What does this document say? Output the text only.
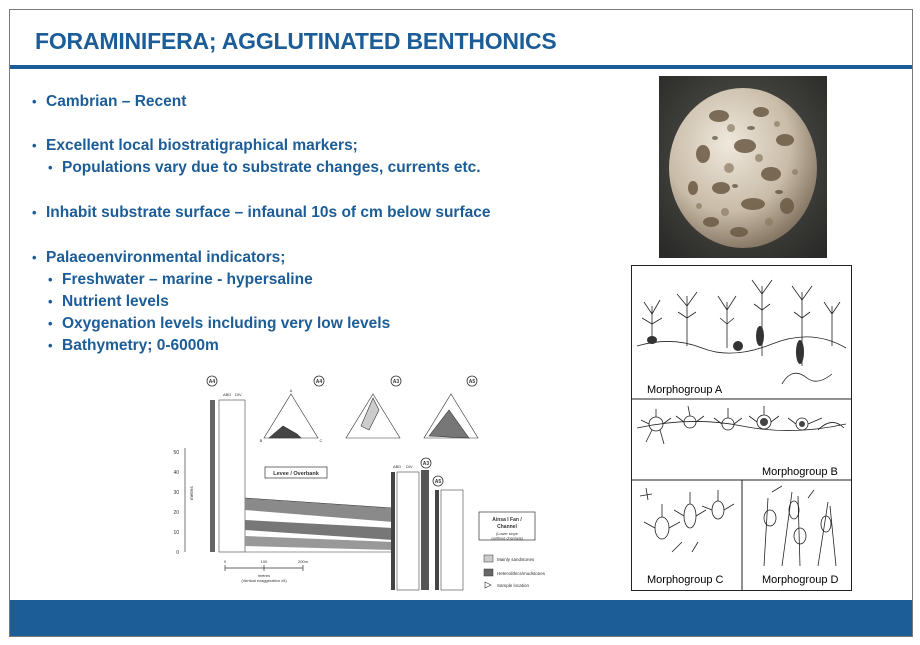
FORAMINIFERA; AGGLUTINATED BENTHONICS
• Cambrian – Recent
• Excellent local biostratigraphical markers;
• Populations vary due to substrate changes, currents etc.
• Inhabit substrate surface – infaunal 10s of cm below surface
• Palaeoenvironmental indicators;
• Freshwater – marine - hypersaline
• Nutrient levels
• Oxygenation levels including very low levels
• Bathymetry; 0-6000m
Morphogroup A
Morphogroup B
Morphogroup C	Morphogroup D
50
40
30
20
10
0
metres
A4
ABD DIV
Levee / Overbank
A4	A3	A5
A
B	C
A3
ABD DIV
A5
Ainsa I Fan /
Channel
(Lower slope
confined channels)
Mainly sandstones
Heterolithics/mudstones
Sample location
0	100	200m
metres
(Vertical exaggeration x5)
